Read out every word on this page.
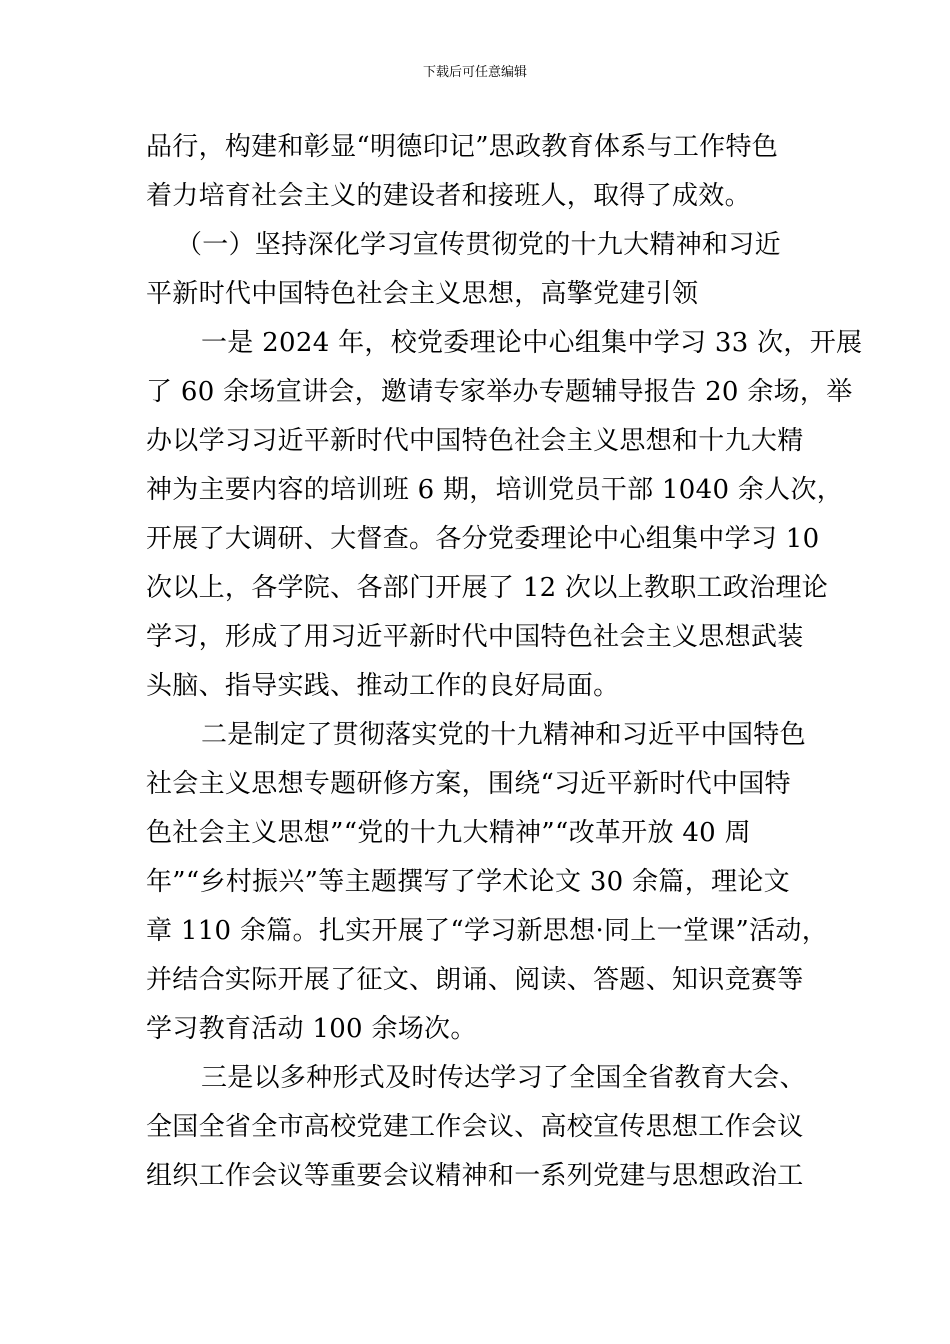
下载后可任意编辑
品行，构建和彰显“明德印记”思政教育体系与工作特色
着力培育社会主义的建设者和接班人，取得了成效。
（一）坚持深化学习宣传贯彻党的十九大精神和习近
平新时代中国特色社会主义思想，高擎党建引领
一是 2024 年，校党委理论中心组集中学习 33 次，开展
了 60 余场宣讲会，邀请专家举办专题辅导报告 20 余场，举
办以学习习近平新时代中国特色社会主义思想和十九大精
神为主要内容的培训班 6 期，培训党员干部 1040 余人次，
开展了大调研、大督查。各分党委理论中心组集中学习 10
次以上，各学院、各部门开展了 12 次以上教职工政治理论
学习，形成了用习近平新时代中国特色社会主义思想武装
头脑、指导实践、推动工作的良好局面。
二是制定了贯彻落实党的十九精神和习近平中国特色
社会主义思想专题研修方案，围绕“习近平新时代中国特
色社会主义思想”“党的十九大精神”“改革开放 40 周
年”“乡村振兴”等主题撰写了学术论文 30 余篇，理论文
章 110 余篇。扎实开展了“学习新思想·同上一堂课”活动，
并结合实际开展了征文、朗诵、阅读、答题、知识竞赛等
学习教育活动 100 余场次。
三是以多种形式及时传达学习了全国全省教育大会、
全国全省全市高校党建工作会议、高校宣传思想工作会议
组织工作会议等重要会议精神和一系列党建与思想政治工
